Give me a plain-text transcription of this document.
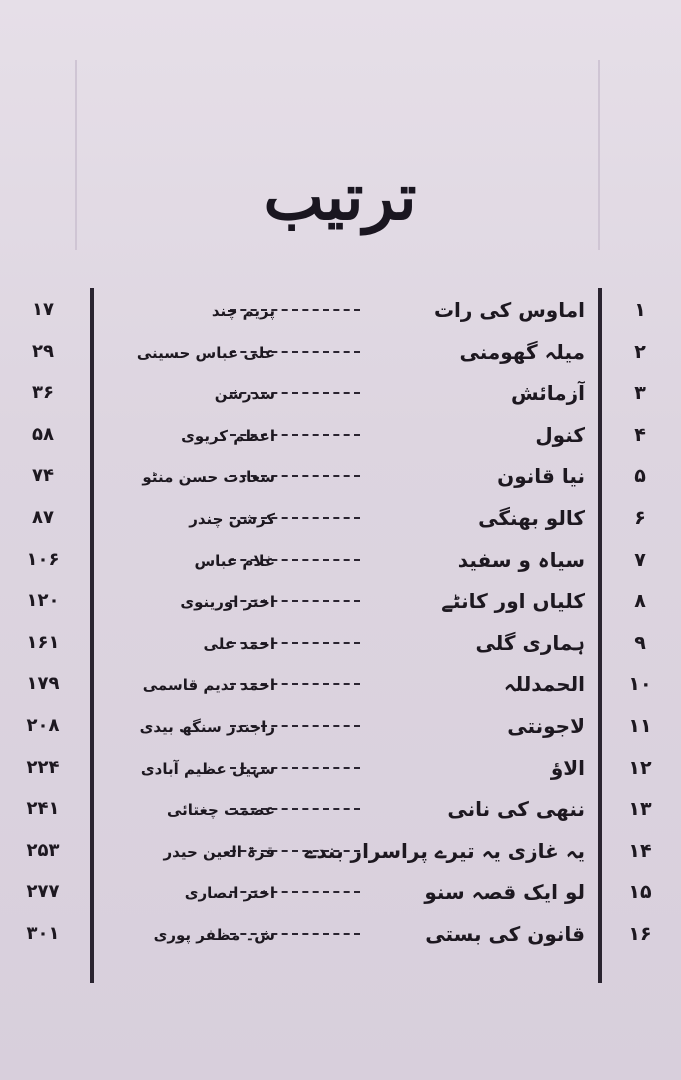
ترتیب
۱
اماوس کی رات
پریم چند
۱۷
۲
میلہ گھومنی
علی عباس حسینی
۲۹
۳
آزمائش
سدرشن
۳۶
۴
کنول
اعظم کریوی
۵۸
۵
نیا قانون
سعادت حسن منٹو
۷۴
۶
کالو بھنگی
کرشن چندر
۸۷
۷
سیاہ و سفید
غلام عباس
۱۰۶
۸
کلیاں اور کانٹے
اختر اورینوی
۱۲۰
۹
ہماری گلی
احمد علی
۱۶۱
۱۰
الحمدللہ
احمد ندیم قاسمی
۱۷۹
۱۱
لاجونتی
راجندر سنگھ بیدی
۲۰۸
۱۲
الاؤ
سہیل عظیم آبادی
۲۲۴
۱۳
ننھی کی نانی
عصمت چغتائی
۲۴۱
۱۴
یہ غازی یہ تیرے پراسرار بندے
قرۃ العین حیدر
۲۵۳
۱۵
لو ایک قصہ سنو
اختر انصاری
۲۷۷
۱۶
قانون کی بستی
ش۔ مظفر پوری
۳۰۱
